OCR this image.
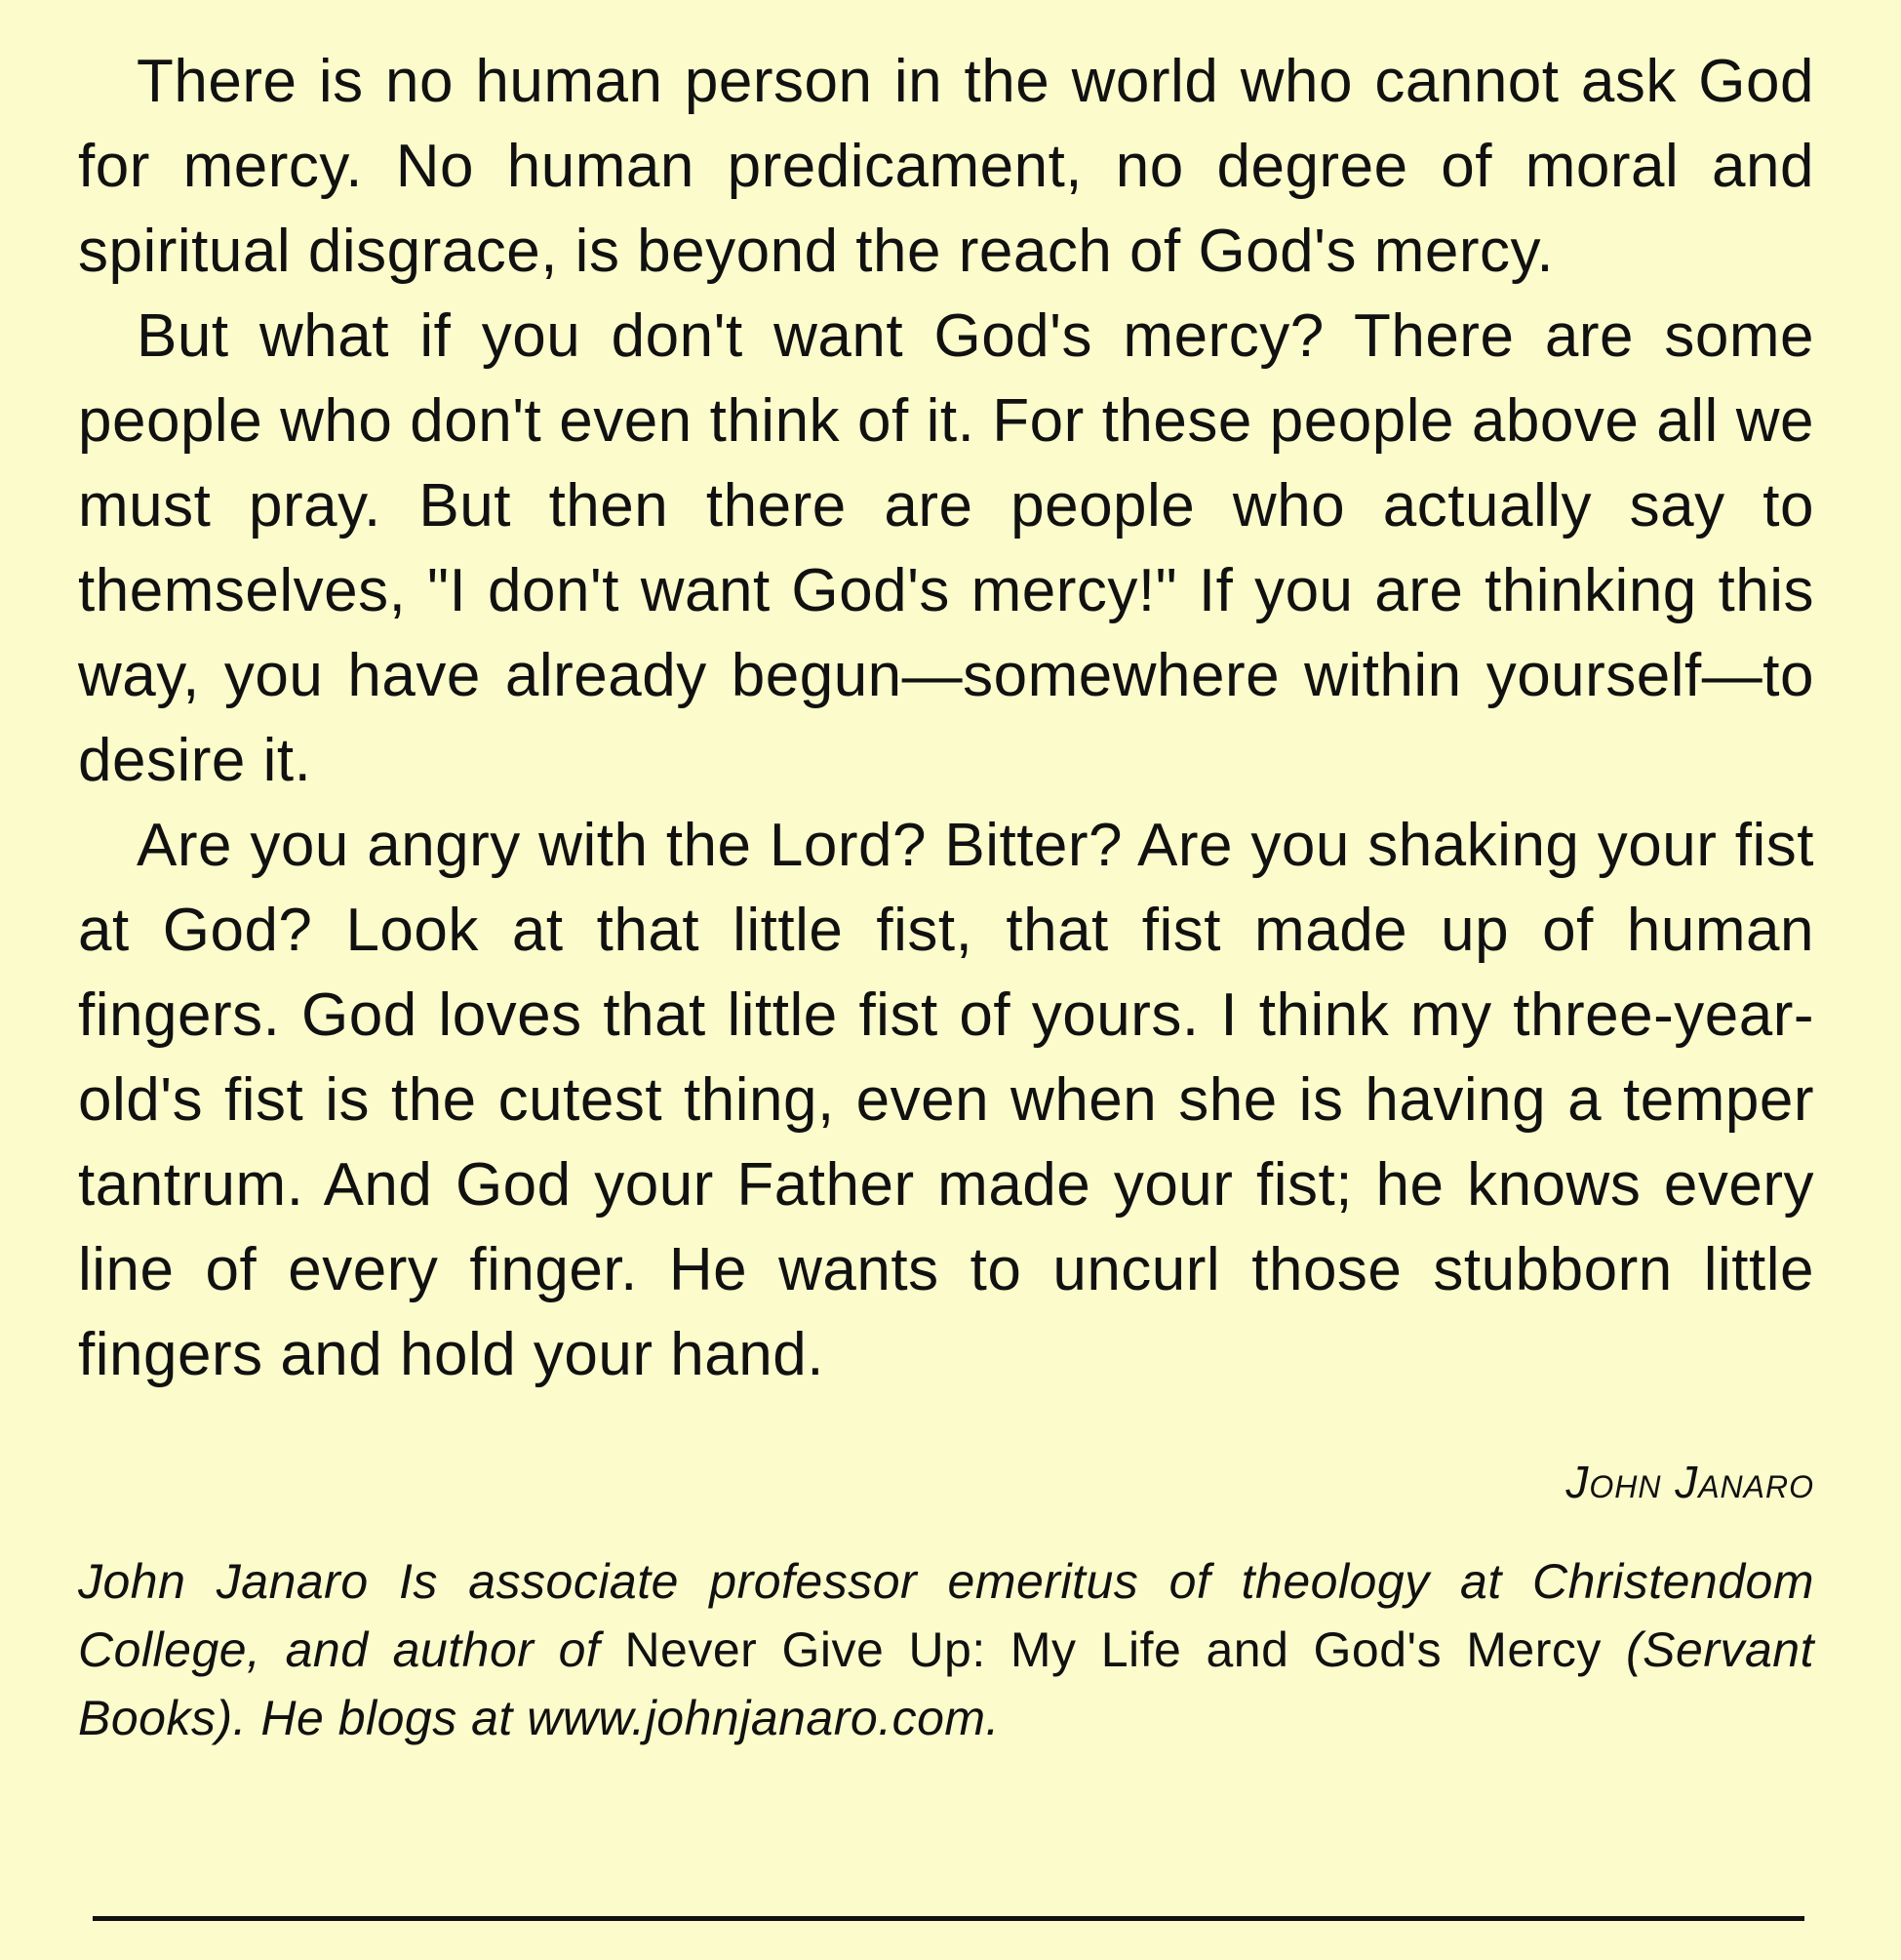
There is no human person in the world who cannot ask God for mercy. No human predicament, no degree of moral and spiritual disgrace, is beyond the reach of God's mercy.

But what if you don't want God's mercy? There are some people who don't even think of it. For these people above all we must pray. But then there are people who actually say to themselves, "I don't want God's mercy!" If you are thinking this way, you have already begun—somewhere within yourself—to desire it.

Are you angry with the Lord? Bitter? Are you shaking your fist at God? Look at that little fist, that fist made up of human fingers. God loves that little fist of yours. I think my three-year-old's fist is the cutest thing, even when she is having a temper tantrum. And God your Father made your fist; he knows every line of every finger. He wants to uncurl those stubborn little fingers and hold your hand.

John Janaro

John Janaro Is associate professor emeritus of theology at Christendom College, and author of Never Give Up: My Life and God's Mercy (Servant Books). He blogs at www.johnjanaro.com.
